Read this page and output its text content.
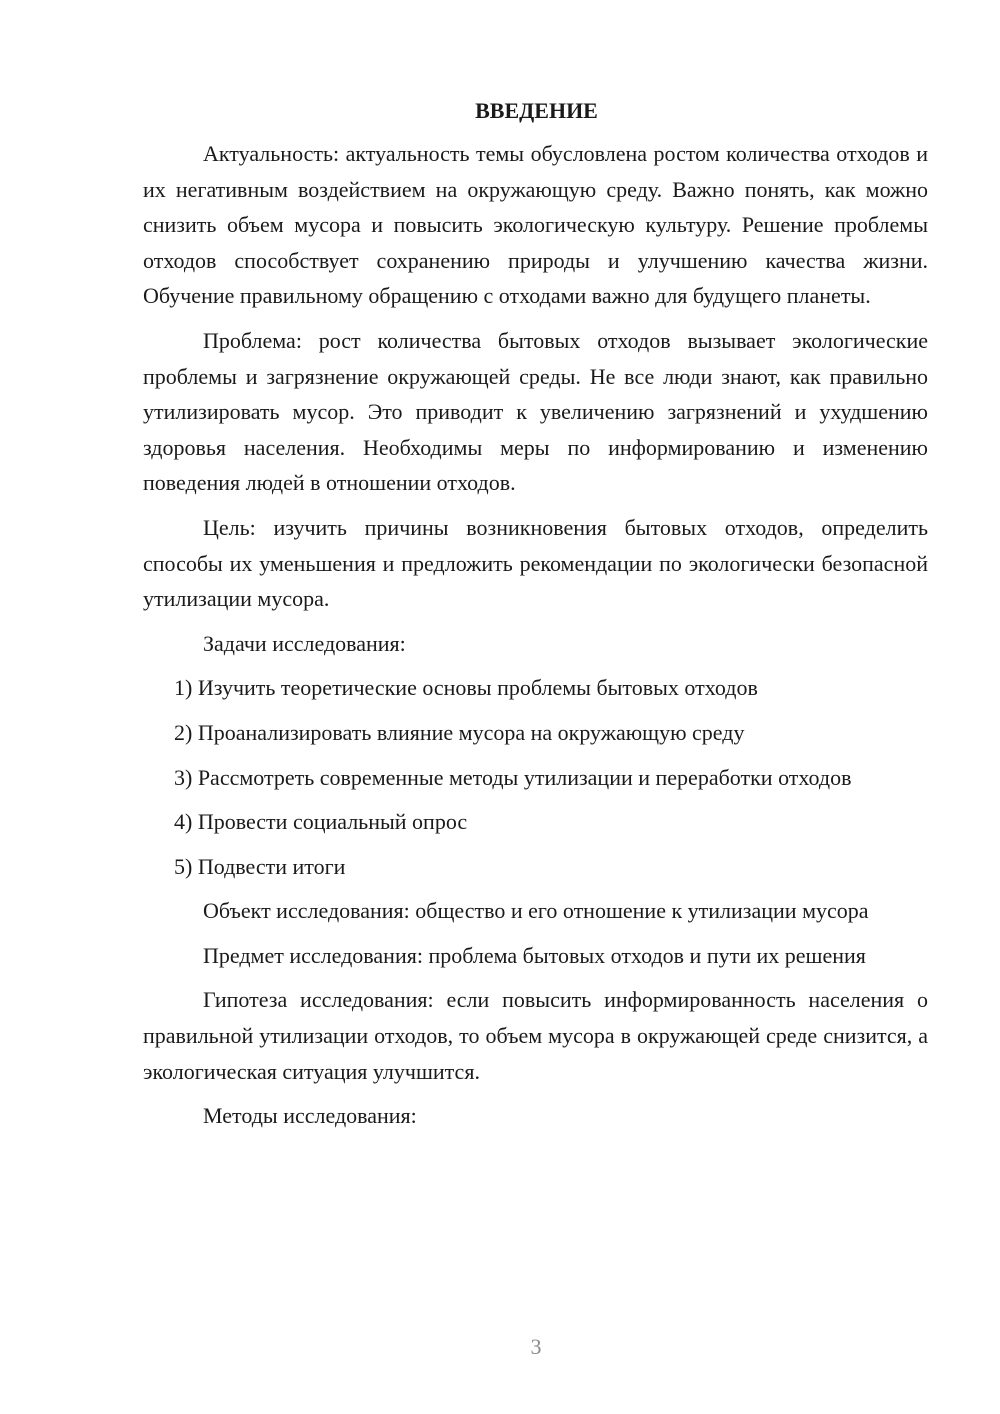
ВВЕДЕНИЕ

Актуальность: актуальность темы обусловлена ростом количества отходов и их негативным воздействием на окружающую среду. Важно понять, как можно снизить объем мусора и повысить экологическую культуру. Решение проблемы отходов способствует сохранению природы и улучшению качества жизни. Обучение правильному обращению с отходами важно для будущего планеты.

Проблема: рост количества бытовых отходов вызывает экологические проблемы и загрязнение окружающей среды. Не все люди знают, как правильно утилизировать мусор. Это приводит к увеличению загрязнений и ухудшению здоровья населения. Необходимы меры по информированию и изменению поведения людей в отношении отходов.

Цель: изучить причины возникновения бытовых отходов, определить способы их уменьшения и предложить рекомендации по экологически безопасной утилизации мусора.

Задачи исследования:

1) Изучить теоретические основы проблемы бытовых отходов

2) Проанализировать влияние мусора на окружающую среду

3) Рассмотреть современные методы утилизации и переработки отходов

4) Провести социальный опрос

5) Подвести итоги

Объект исследования: общество и его отношение к утилизации мусора

Предмет исследования: проблема бытовых отходов и пути их решения

Гипотеза исследования: если повысить информированность населения о правильной утилизации отходов, то объем мусора в окружающей среде снизится, а экологическая ситуация улучшится.

Методы исследования:

3
